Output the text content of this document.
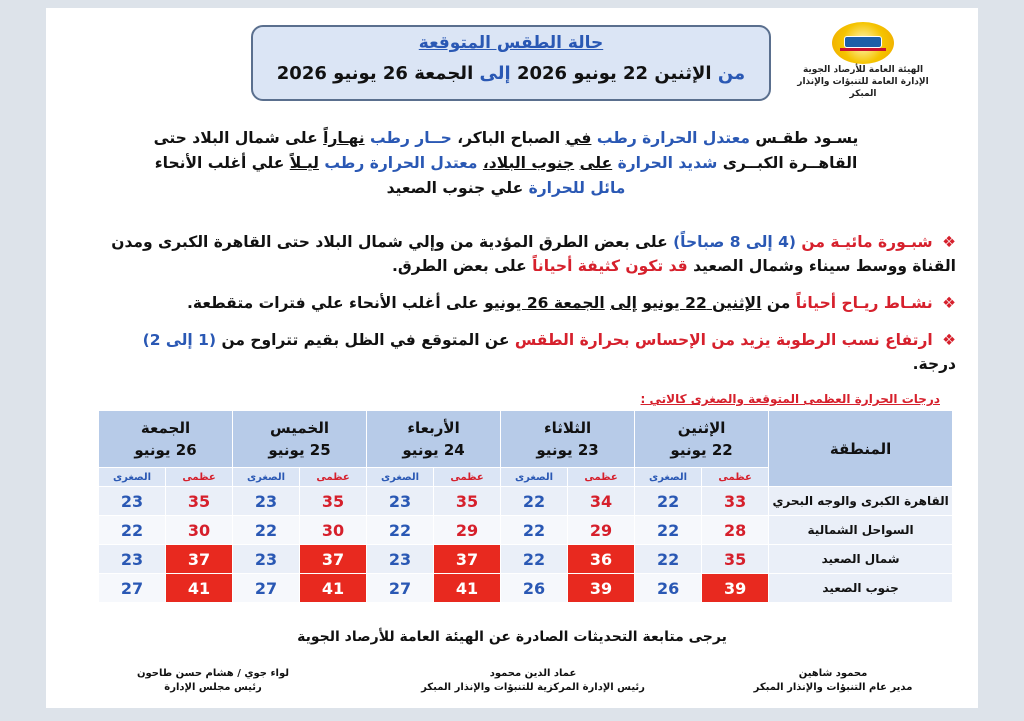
الهيئة العامة للأرصاد الجوية
الإدارة العامة للتنبؤات والإنذار المبكر
حالة الطقس المتوقعة
من الإثنين 22 يونيو 2026 إلى الجمعة 26 يونيو 2026
يسـود طقـس معتدل الحرارة رطب في الصباح الباكر، حــار رطب نهـاراً على شمال البلاد حتى القاهــرة الكبــرى شديد الحرارة على جنوب البلاد، معتدل الحرارة رطب ليـلاً علي أغلب الأنحاء
مائل للحرارة علي جنوب الصعيد
❖ شبـورة مائيـة من (4 إلى 8 صباحاً) على بعض الطرق المؤدية من وإلي شمال البلاد حتى القاهرة الكبرى ومدن القناة ووسط سيناء وشمال الصعيد قد تكون كثيفة أحياناً على بعض الطرق.
❖ نشـاط ريـاح أحياناً من الإثنين 22 يونيو إلى الجمعة 26 يونيو على أغلب الأنحاء علي فترات متقطعة.
❖ ارتفاع نسب الرطوبة يزيد من الإحساس بحرارة الطقس عن المتوقع في الظل بقيم تتراوح من (1 إلى 2) درجة.
درجات الحرارة العظمى المتوقعة والصغرى كالاتي :
المنطقة	الإثنين
22 يونيو		الثلاثاء
23 يونيو		الأربعاء
24 يونيو		الخميس
25 يونيو		الجمعة
26 يونيو	
	عظمى	الصغرى	عظمى	الصغرى	عظمى	الصغرى	عظمى	الصغرى	عظمى	الصغرى
القاهرة الكبرى والوجه البحري	33	22	34	22	35	23	35	23	35	23
السواحل الشمالية	28	22	29	22	29	22	30	22	30	22
شمال الصعيد	35	22	36	22	37	23	37	23	37	23
جنوب الصعيد	39	26	39	26	41	27	41	27	41	27
يرجى متابعة التحديثات الصادرة عن الهيئة العامة للأرصاد الجوية
محمود شاهين
مدير عام التنبؤات والإنذار المبكر
عماد الدين محمود
رئيس الإدارة المركزية للتنبؤات والإنذار المبكر
لواء جوي / هشام حسن طاحون
رئيس مجلس الإدارة
